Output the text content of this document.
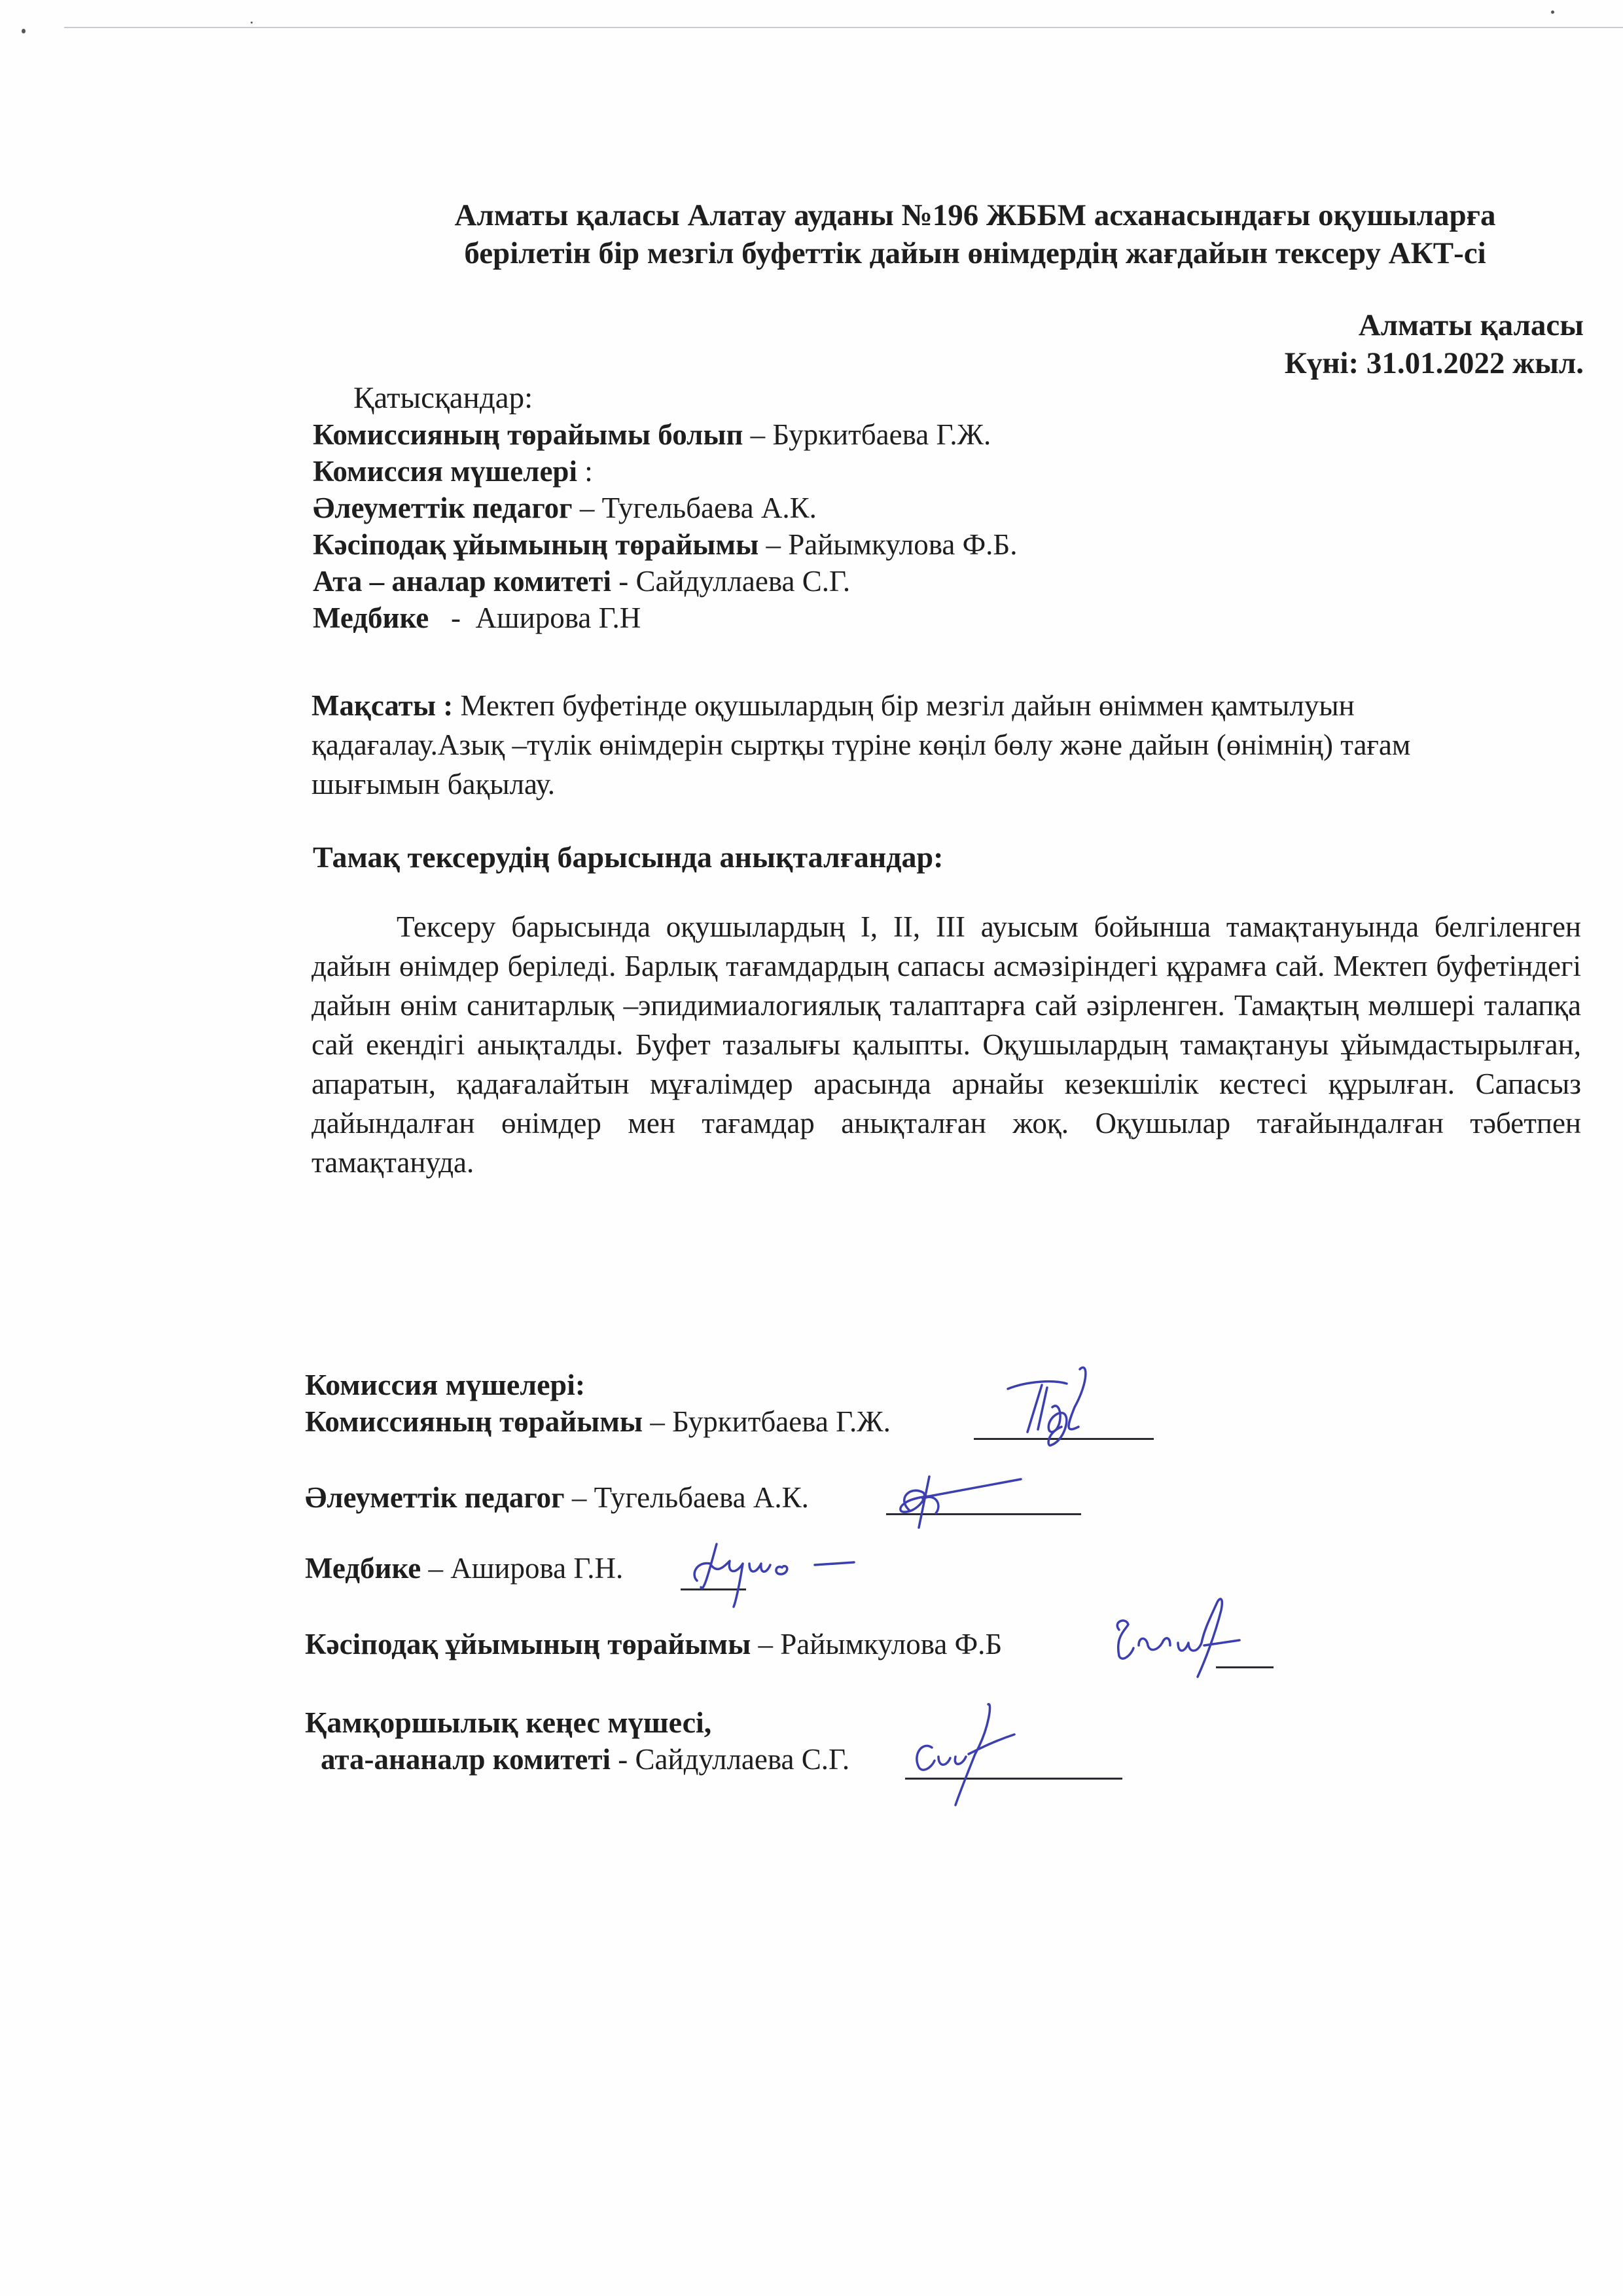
Алматы қаласы Алатау ауданы №196 ЖББМ асханасындағы оқушыларға
берілетін бір мезгіл буфеттік дайын өнімдердің жағдайын тексеру АКТ-сі
Алматы қаласы
Күні: 31.01.2022 жыл.
Қатысқандар:
Комиссияның төрайымы болып – Буркитбаева Г.Ж.
Комиссия мүшелері :
Әлеуметтік педагог – Тугельбаева А.К.
Кәсіподақ ұйымының төрайымы – Райымкулова Ф.Б.
Ата – аналар комитеті - Сайдуллаева С.Г.
Медбике   -  Аширова Г.Н
Мақсаты : Мектеп буфетінде оқушылардың бір мезгіл дайын өніммен қамтылуын қадағалау.Азық –түлік өнімдерін сыртқы түріне көңіл бөлу және дайын (өнімнің) тағам шығымын бақылау.
Тамақ тексерудің барысында анықталғандар:
Тексеру барысында оқушылардың I, II, III ауысым бойынша тамақтануында белгіленген дайын өнімдер беріледі. Барлық тағамдардың сапасы асмәзіріндегі құрамға сай. Мектеп буфетіндегі дайын өнім санитарлық –эпидимиалогиялық талаптарға сай әзірленген. Тамақтың мөлшері талапқа сай екендігі анықталды. Буфет тазалығы қалыпты. Оқушылардың тамақтануы ұйымдастырылған, апаратын, қадағалайтын мұғалімдер арасында арнайы кезекшілік кестесі құрылған. Сапасыз дайындалған өнімдер мен тағамдар анықталған жоқ. Оқушылар тағайындалған тәбетпен тамақтануда.
Комиссия мүшелері:
Комиссияның төрайымы – Буркитбаева Г.Ж.
Әлеуметтік педагог – Тугельбаева А.К.
Медбике – Аширова Г.Н.
Кәсіподақ ұйымының төрайымы – Райымкулова Ф.Б
Қамқоршылық кеңес мүшесі,
ата-ананалр комитеті - Сайдуллаева С.Г.
